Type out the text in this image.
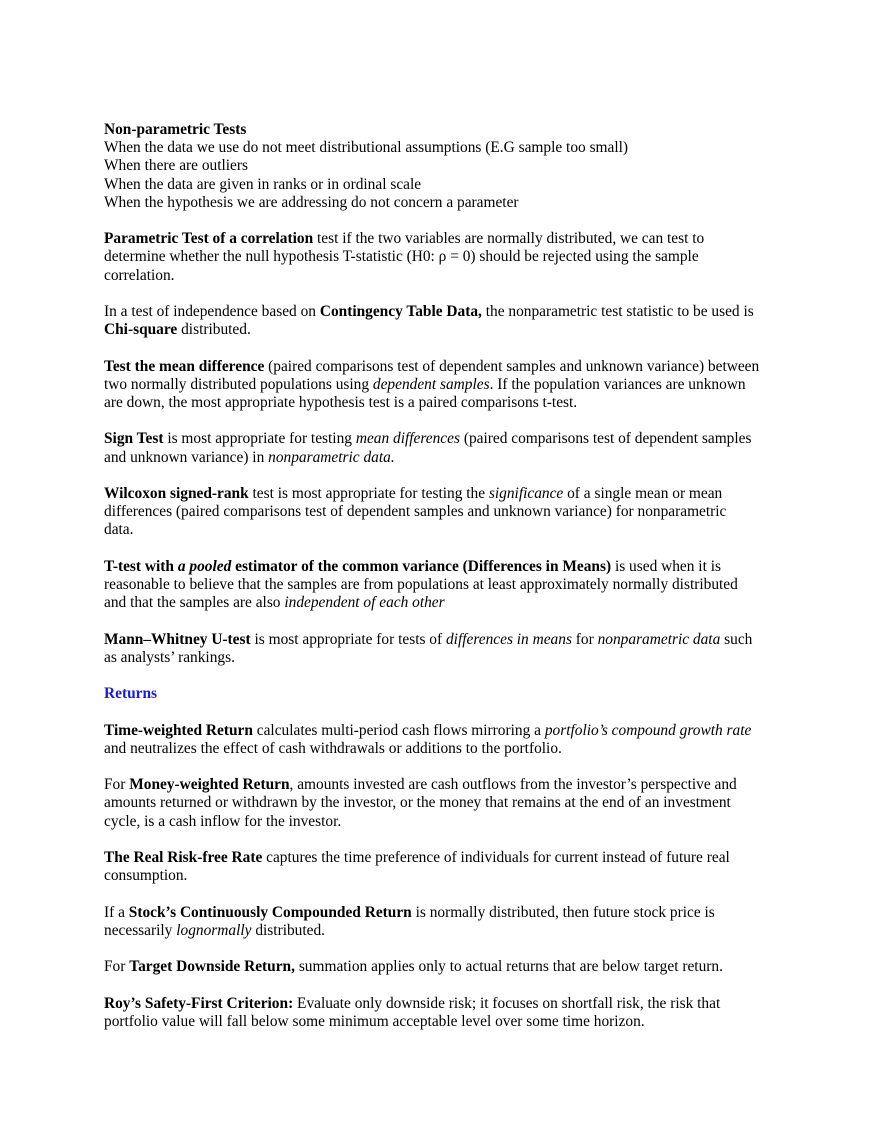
Non-parametric Tests
When the data we use do not meet distributional assumptions (E.G sample too small)
When there are outliers
When the data are given in ranks or in ordinal scale
When the hypothesis we are addressing do not concern a parameter
Parametric Test of a correlation test if the two variables are normally distributed, we can test to
determine whether the null hypothesis T-statistic (H0: ρ = 0) should be rejected using the sample
correlation.
In a test of independence based on Contingency Table Data, the nonparametric test statistic to be used is
Chi-square distributed.
Test the mean difference (paired comparisons test of dependent samples and unknown variance) between
two normally distributed populations using dependent samples. If the population variances are unknown
are down, the most appropriate hypothesis test is a paired comparisons t-test.
Sign Test is most appropriate for testing mean differences (paired comparisons test of dependent samples
and unknown variance) in nonparametric data.
Wilcoxon signed-rank test is most appropriate for testing the significance of a single mean or mean
differences (paired comparisons test of dependent samples and unknown variance) for nonparametric
data.
T-test with a pooled estimator of the common variance (Differences in Means) is used when it is
reasonable to believe that the samples are from populations at least approximately normally distributed
and that the samples are also independent of each other
Mann–Whitney U-test is most appropriate for tests of differences in means for nonparametric data such
as analysts’ rankings.
Returns
Time-weighted Return calculates multi-period cash flows mirroring a portfolio’s compound growth rate
and neutralizes the effect of cash withdrawals or additions to the portfolio.
For Money-weighted Return, amounts invested are cash outflows from the investor’s perspective and
amounts returned or withdrawn by the investor, or the money that remains at the end of an investment
cycle, is a cash inflow for the investor.
The Real Risk-free Rate captures the time preference of individuals for current instead of future real
consumption.
If a Stock’s Continuously Compounded Return is normally distributed, then future stock price is
necessarily lognormally distributed.
For Target Downside Return, summation applies only to actual returns that are below target return.
Roy’s Safety-First Criterion: Evaluate only downside risk; it focuses on shortfall risk, the risk that
portfolio value will fall below some minimum acceptable level over some time horizon.
